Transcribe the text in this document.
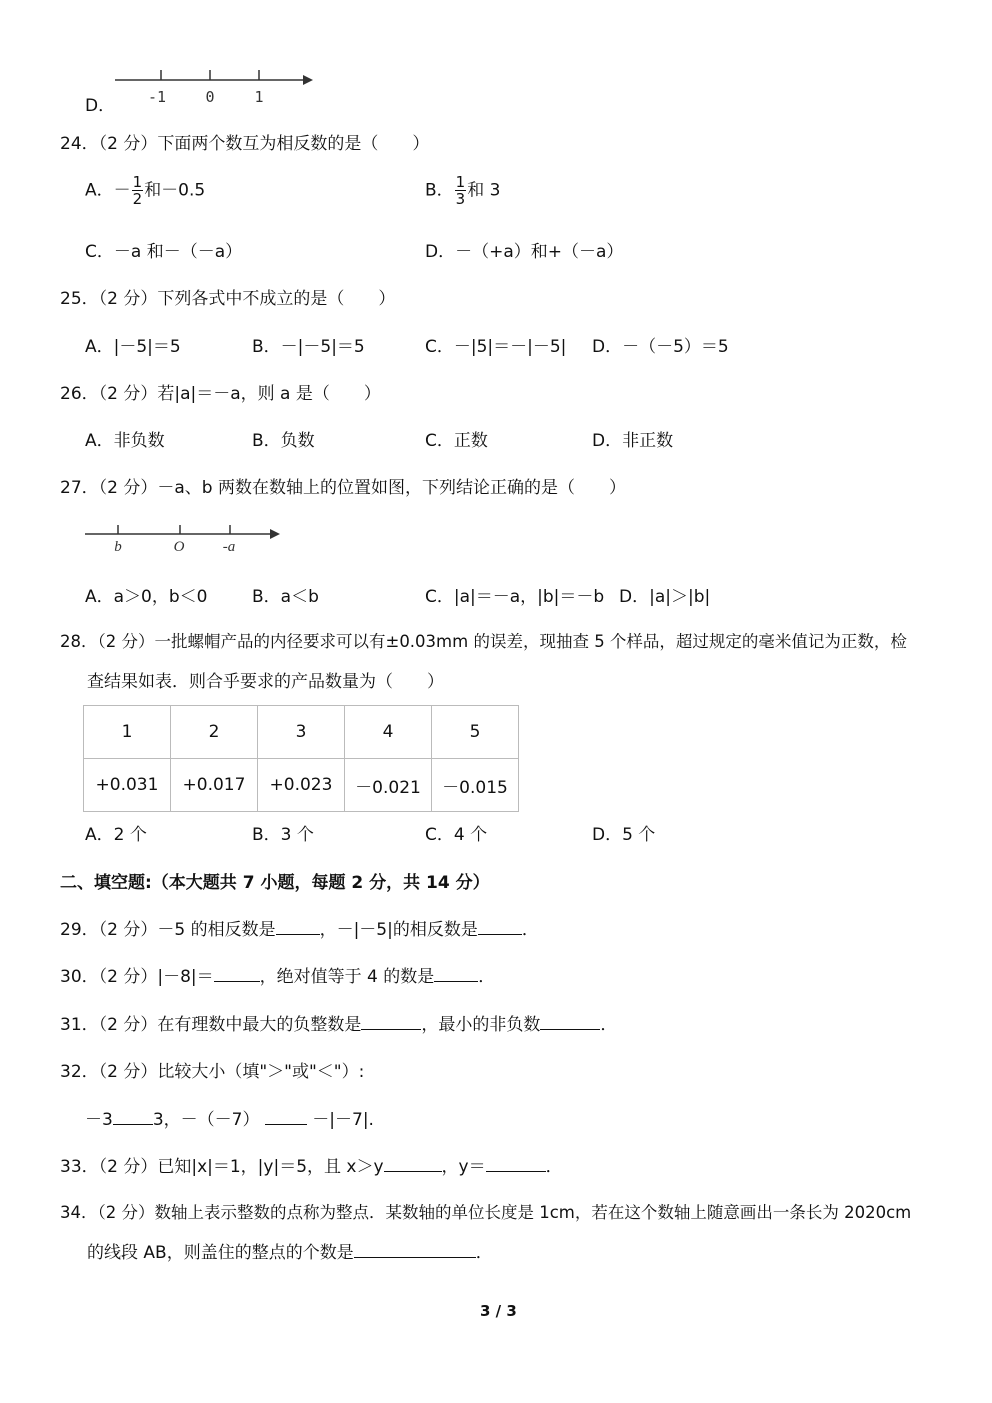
D． -1	0	1
24．（2 分）下面两个数互为相反数的是（　　）
A．－ $\frac{1}{2}$ 和－0.5	B． $\frac{1}{3}$ 和 3
C．－a 和－（－a）	D．－（+a）和+（－a）
25．（2 分）下列各式中不成立的是（　　）
A．|－5|＝5	B．－|－5|＝5	C．－|5|＝－|－5| D．－（－5）＝5
26．（2 分）若|a|＝－a，则 a 是（　　）
A．非负数	B．负数	C．正数	D．非正数
27．（2 分）－a、b 两数在数轴上的位置如图，下列结论正确的是（　　）
b	O	-a
A．a＞0，b＜0	B．a＜b	C．|a|＝－a，|b|＝－b D．|a|＞|b|
28．（2 分）一批螺帽产品的内径要求可以有±0.03mm 的误差，现抽查 5 个样品，超过规定的毫米值记为正数，检
查结果如表．则合乎要求的产品数量为（　　）
1	2	3	4	5
+0.031	+0.017	+0.023	－0.021	－0.015
A．2 个	B．3 个	C．4 个	D．5 个
二、填空题:（本大题共 7 小题，每题 2 分，共 14 分）
29．（2 分）－5 的相反数是	，－|－5|的相反数是	．
30．（2 分）|－8|＝	，绝对值等于 4 的数是	．
31．（2 分）在有理数中最大的负整数是	，最小的非负数	．
32．（2 分）比较大小（填"＞"或"＜"）:
－3 3，－（－7）	－|－7|.
33．（2 分）已知|x|＝1，|y|＝5，且 x＞y	，y＝	．
34．（2 分）数轴上表示整数的点称为整点．某数轴的单位长度是 1cm，若在这个数轴上随意画出一条长为 2020cm
的线段 AB，则盖住的整点的个数是	．
3 / 3
